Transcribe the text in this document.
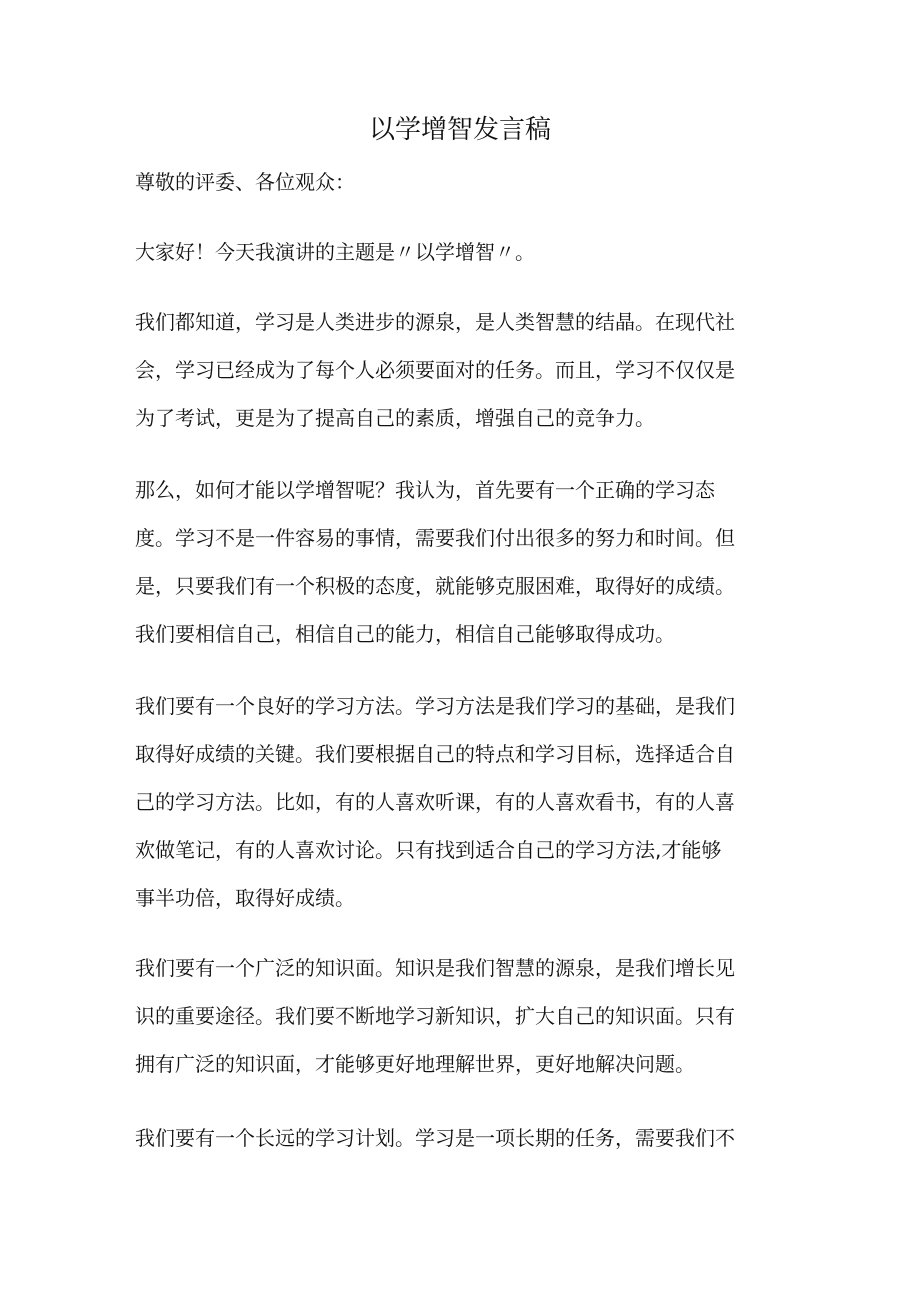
以学增智发言稿

尊敬的评委、各位观众：

大家好！今天我演讲的主题是〃以学增智〃。

我们都知道，学习是人类进步的源泉，是人类智慧的结晶。在现代社
会，学习已经成为了每个人必须要面对的任务。而且，学习不仅仅是
为了考试，更是为了提高自己的素质，增强自己的竞争力。

那么，如何才能以学增智呢？我认为，首先要有一个正确的学习态
度。学习不是一件容易的事情，需要我们付出很多的努力和时间。但
是，只要我们有一个积极的态度，就能够克服困难，取得好的成绩。
我们要相信自己，相信自己的能力，相信自己能够取得成功。

我们要有一个良好的学习方法。学习方法是我们学习的基础，是我们
取得好成绩的关键。我们要根据自己的特点和学习目标，选择适合自
己的学习方法。比如，有的人喜欢听课，有的人喜欢看书，有的人喜
欢做笔记，有的人喜欢讨论。只有找到适合自己的学习方法,才能够
事半功倍，取得好成绩。

我们要有一个广泛的知识面。知识是我们智慧的源泉，是我们增长见
识的重要途径。我们要不断地学习新知识，扩大自己的知识面。只有
拥有广泛的知识面，才能够更好地理解世界，更好地解决问题。

我们要有一个长远的学习计划。学习是一项长期的任务，需要我们不
